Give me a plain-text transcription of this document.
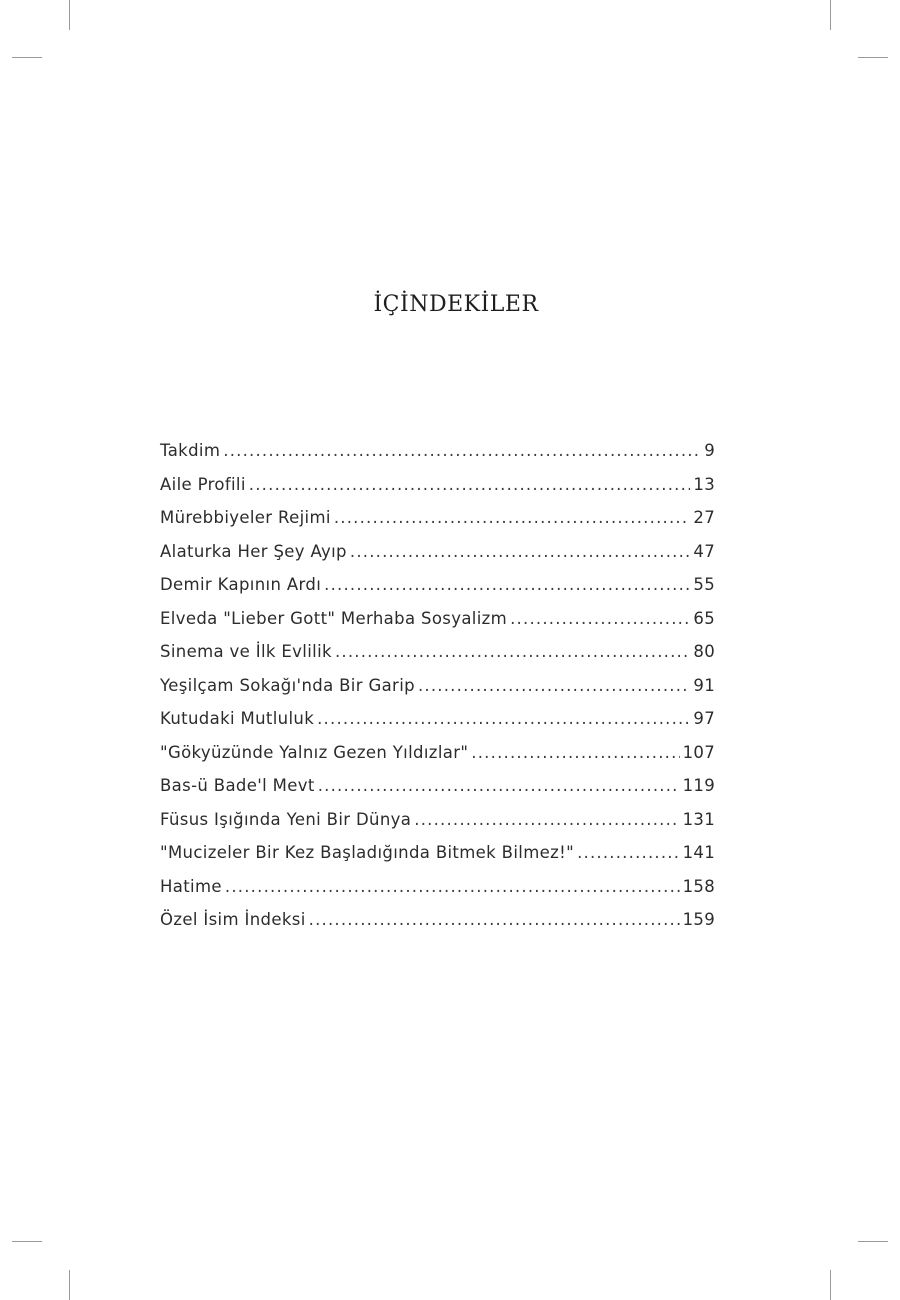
İÇİNDEKİLER
Takdim .....	9
Aile Profili .....	13
Mürebbiyeler Rejimi .....	27
Alaturka Her Şey Ayıp .....	47
Demir Kapının Ardı .....	55
Elveda "Lieber Gott" Merhaba Sosyalizm .....	65
Sinema ve İlk Evlilik .....	80
Yeşilçam Sokağı'nda Bir Garip .....	91
Kutudaki Mutluluk .....	97
"Gökyüzünde Yalnız Gezen Yıldızlar" .....	107
Bas-ü Bade'l Mevt .....	119
Füsus Işığında Yeni Bir Dünya .....	131
"Mucizeler Bir Kez Başladığında Bitmek Bilmez!" .....	141
Hatime .....	158
Özel İsim İndeksi .....	159
